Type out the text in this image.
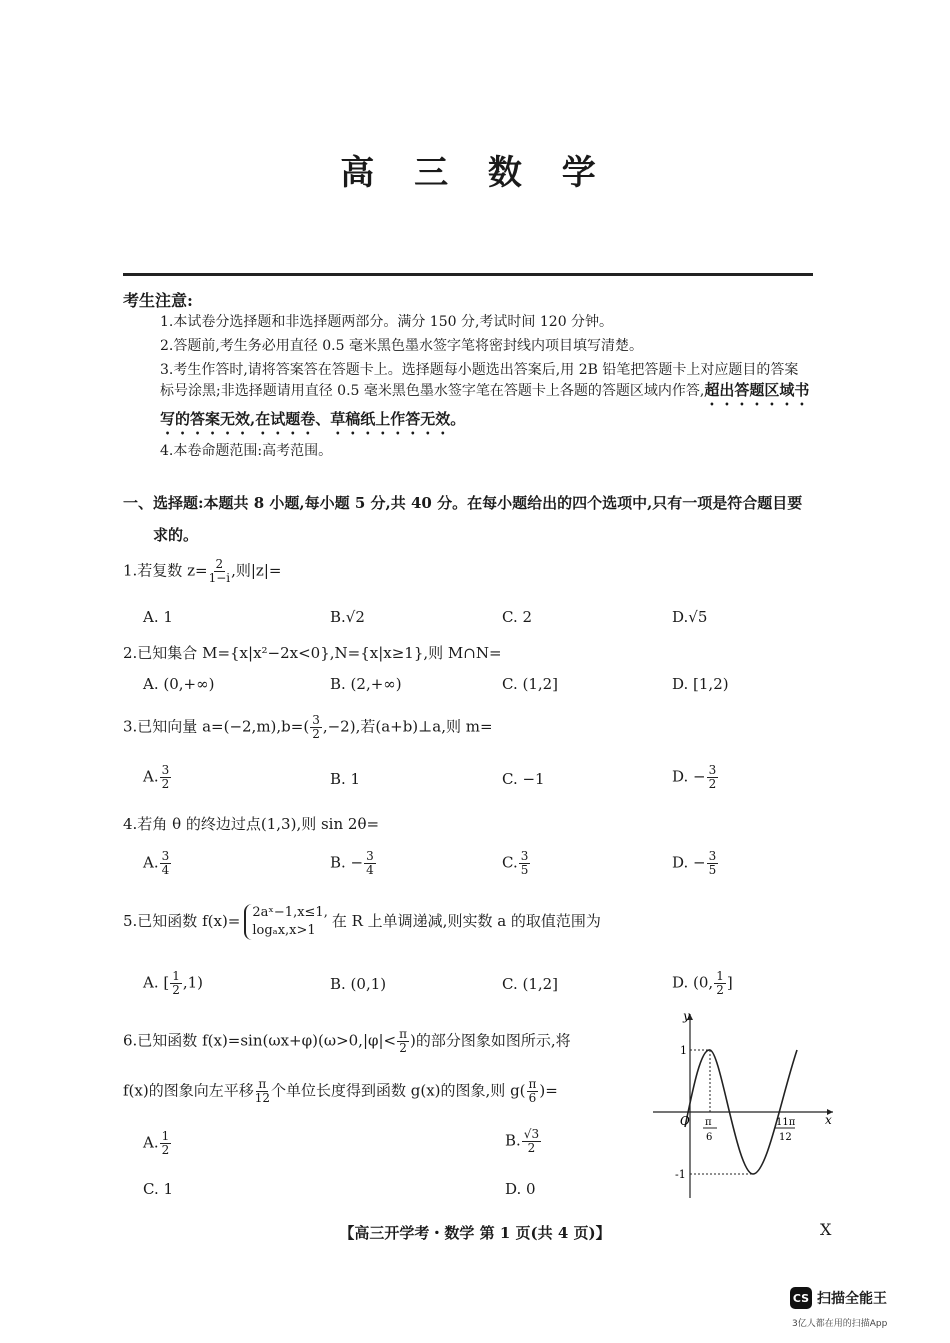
高 三 数 学
考生注意:
1.本试卷分选择题和非选择题两部分。满分 150 分,考试时间 120 分钟。
2.答题前,考生务必用直径 0.5 毫米黑色墨水签字笔将密封线内项目填写清楚。
3.考生作答时,请将答案答在答题卡上。选择题每小题选出答案后,用 2B 铅笔把答题卡上对应题目的答案标号涂黑;非选择题请用直径 0.5 毫米黑色墨水签字笔在答题卡上各题的答题区域内作答,超出答题区域书写的答案无效,在试题卷、草稿纸上作答无效。
4.本卷命题范围:高考范围。
一、选择题:本题共 8 小题,每小题 5 分,共 40 分。在每小题给出的四个选项中,只有一项是符合题目要
求的。
1.若复数 $z= \frac{2}{1-i}$ ,则|z|=
A. 1	B.√2	C. 2	D.√5
2.已知集合 M={x|x²−2x<0},N={x|x≥1},则 M∩N=
A. (0,+∞)	B. (2,+∞)	C. (1,2]	D. [1,2)
3.已知向量 $a=(-2,m),b=( \frac{3}{2} ,-2)$,若(a+b)⊥a,则 m=
A. $\frac{3}{2}$	B. 1	C. −1	D. − $\frac{3}{2}$
4.若角 θ 的终边过点(1,3),则 sin 2θ=
A. $\frac{3}{4}$	B. − $\frac{3}{4}$	C. $\frac{3}{5}$	D. − $\frac{3}{5}$
5.已知函数 f(x)= 2aˣ−1,x≤1,
logₐx,x>1
在 R 上单调递减,则实数 a 的取值范围为
A. [ $\frac{1}{2} ,1$)	B. (0,1)	C. (1,2]	D. (0, $\frac{1}{2}$ ]
6.已知函数 $f(x)=\sin(\omega x+\varphi)(\omega>0,|\varphi|< \frac{\pi}{2}$ )的部分图象如图所示,将
f(x)的图象向左平移 $\frac{\pi}{12}$ 个单位长度得到函数 g(x)的图象,则 $g( \frac{\pi}{6}$ )=
A. $\frac{1}{2}$	B. $\frac{√3}{2}$
C. 1	D. 0
y
x
O
1
-1
π
6
11π
12
【高三开学考・数学 第 1 页(共 4 页)】	X
CS 扫描全能王
3亿人都在用的扫描App
